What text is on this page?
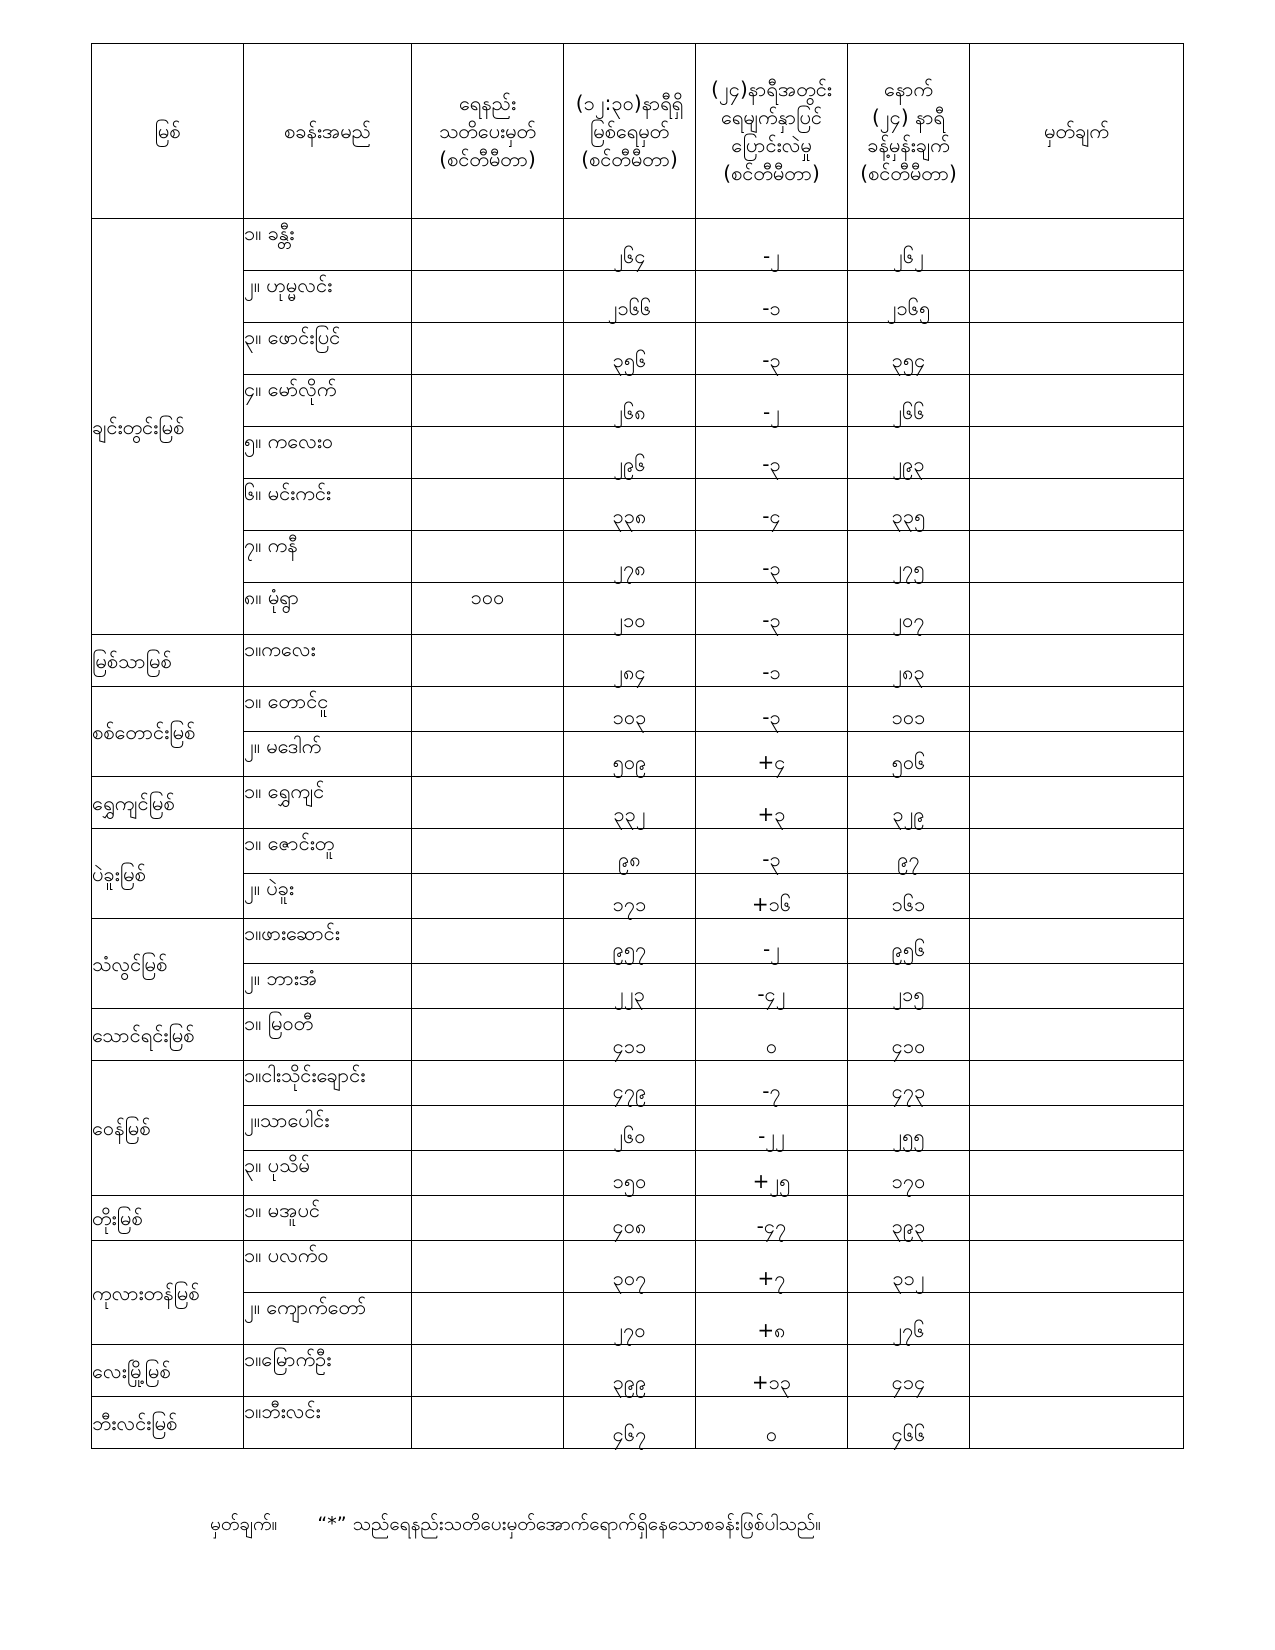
မြစ်	စခန်းအမည်	ရေနည်း
သတိပေးမှတ်
(စင်တီမီတာ)	(၁၂:၃၀)နာရီရှိ
မြစ်ရေမှတ်
(စင်တီမီတာ)	(၂၄)နာရီအတွင်း
ရေမျက်နှာပြင်
ပြောင်းလဲမှု
(စင်တီမီတာ)	နောက်
(၂၄) နာရီ
ခန့်မှန်းချက်
(စင်တီမီတာ)	မှတ်ချက်
ချင်းတွင်းမြစ်	၁။ ခန္တီး		၂၆၄	-၂	၂၆၂	
	၂။ ဟုမ္မလင်း		၂၁၆၆	-၁	၂၁၆၅	
	၃။ ဖောင်းပြင်		၃၅၆	-၃	၃၅၄	
	၄။ မော်လိုက်		၂၆၈	-၂	၂၆၆	
	၅။ ကလေးဝ		၂၉၆	-၃	၂၉၃	
	၆။ မင်းကင်း		၃၃၈	-၄	၃၃၅	
	၇။ ကနီ		၂၇၈	-၃	၂၇၅	
	၈။ မုံရွာ	၁၀၀	၂၁၀	-၃	၂၀၇	
မြစ်သာမြစ်	၁။ကလေး		၂၈၄	-၁	၂၈၃	
စစ်တောင်းမြစ်	၁။ တောင်ငူ		၁၀၃	-၃	၁၀၁	
	၂။ မဒေါက်		၅၀၉	+၄	၅၀၆	
ရွှေကျင်မြစ်	၁။ ရွှေကျင်		၃၃၂	+၃	၃၂၉	
ပဲခူးမြစ်	၁။ ဇောင်းတူ		၉၈	-၃	၉၇	
	၂။ ပဲခူး		၁၇၁	+၁၆	၁၆၁	
သံလွင်မြစ်	၁။ဖားဆောင်း		၉၅၇	-၂	၉၅၆	
	၂။ ဘားအံ		၂၂၃	-၄၂	၂၁၅	
သောင်ရင်းမြစ်	၁။ မြဝတီ		၄၁၁	၀	၄၁၀	
ဝေန်မြစ်	၁။ငါးသိုင်းချောင်း		၄၇၉	-၇	၄၇၃	
	၂။သာပေါင်း		၂၆၀	-၂၂	၂၅၅	
	၃။ ပုသိမ်		၁၅၀	+၂၅	၁၇၀	
တိုးမြစ်	၁။ မအူပင်		၄၀၈	-၄၇	၃၉၃	
ကုလားတန်မြစ်	၁။ ပလက်ဝ		၃၀၇	+၇	၃၁၂	
	၂။ ကျောက်တော်		၂၇၀	+၈	၂၇၆	
လေးမြို့မြစ်	၁။မြောက်ဦး		၃၉၉	+၁၃	၄၁၄	
ဘီးလင်းမြစ်	၁။ဘီးလင်း		၄၆၇	၀	၄၆၆	
မှတ်ချက်။ “*” သည်ရေနည်းသတိပေးမှတ်အောက်ရောက်ရှိနေသောစခန်းဖြစ်ပါသည်။
